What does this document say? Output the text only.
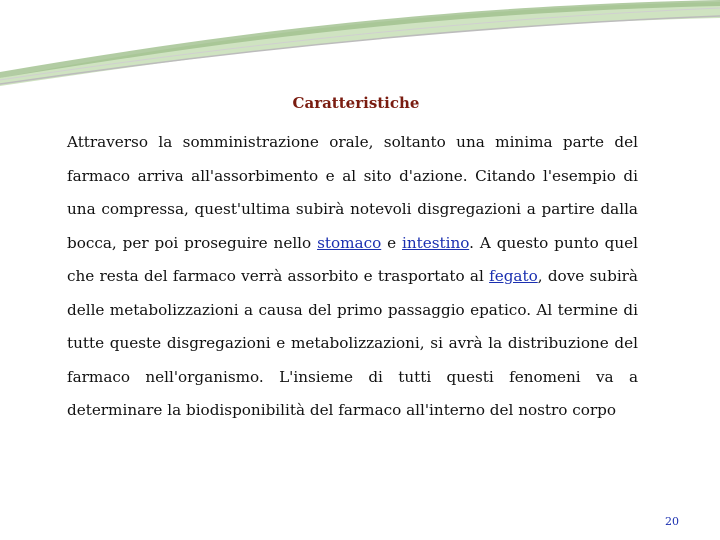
Caratteristiche

Attraverso la somministrazione orale, soltanto una minima parte del farmaco arriva all'assorbimento e al sito d'azione. Citando l'esempio di una compressa, quest'ultima subirà notevoli disgregazioni a partire dalla bocca, per poi proseguire nello stomaco e intestino. A questo punto quel che resta del farmaco verrà assorbito e trasportato al fegato, dove subirà delle metabolizzazioni a causa del primo passaggio epatico. Al termine di tutte queste disgregazioni e metabolizzazioni, si avrà la distribuzione del farmaco nell'organismo. L'insieme di tutti questi fenomeni va a determinare la biodisponibilità del farmaco all'interno del nostro corpo

20
